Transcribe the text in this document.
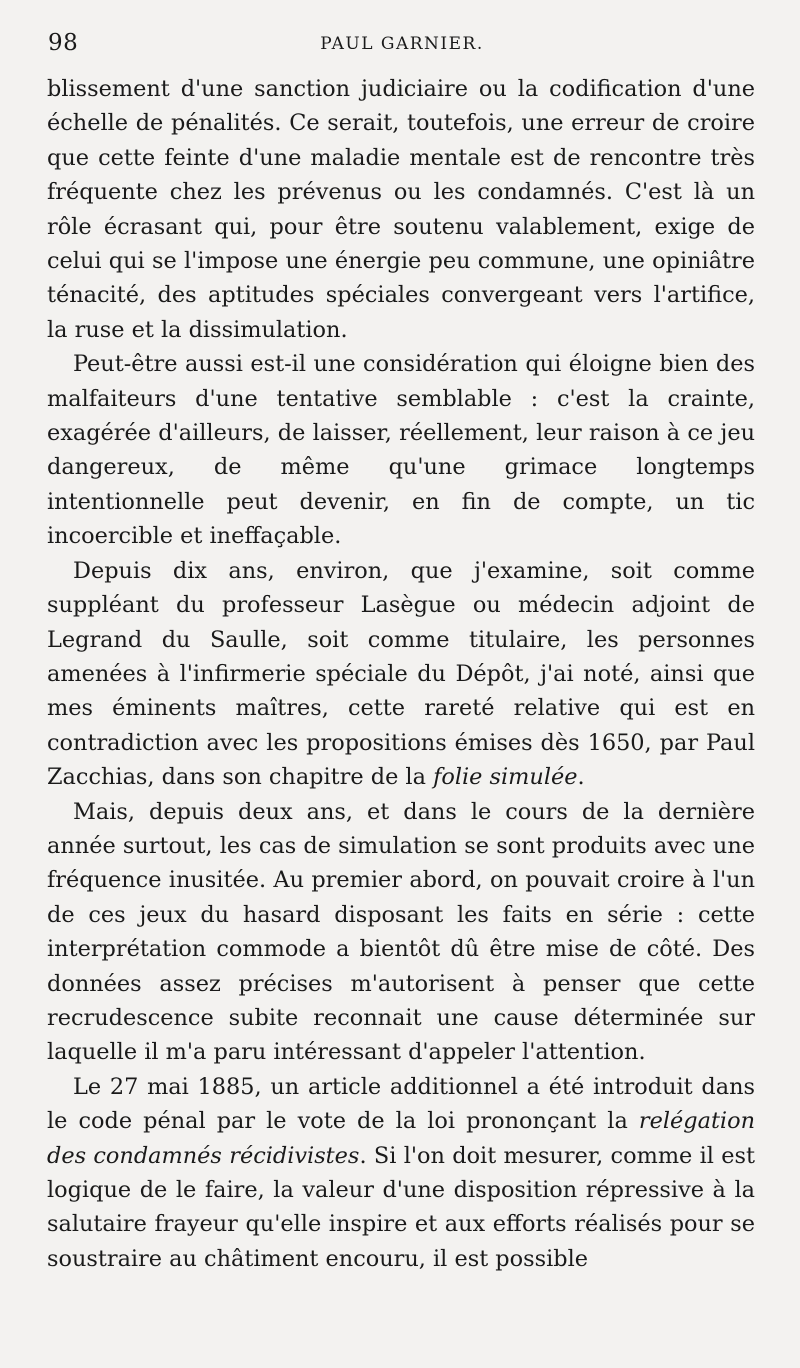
98	PAUL GARNIER.

blissement d'une sanction judiciaire ou la codification d'une échelle de pénalités. Ce serait, toutefois, une erreur de croire que cette feinte d'une maladie mentale est de rencontre très fréquente chez les prévenus ou les condamnés. C'est là un rôle écrasant qui, pour être soutenu valablement, exige de celui qui se l'impose une énergie peu commune, une opiniâtre ténacité, des aptitudes spéciales convergeant vers l'artifice, la ruse et la dissimulation.

Peut-être aussi est-il une considération qui éloigne bien des malfaiteurs d'une tentative semblable : c'est la crainte, exagérée d'ailleurs, de laisser, réellement, leur raison à ce jeu dangereux, de même qu'une grimace longtemps intentionnelle peut devenir, en fin de compte, un tic incoercible et ineffaçable.

Depuis dix ans, environ, que j'examine, soit comme suppléant du professeur Lasègue ou médecin adjoint de Legrand du Saulle, soit comme titulaire, les personnes amenées à l'infirmerie spéciale du Dépôt, j'ai noté, ainsi que mes éminents maîtres, cette rareté relative qui est en contradiction avec les propositions émises dès 1650, par Paul Zacchias, dans son chapitre de la folie simulée.

Mais, depuis deux ans, et dans le cours de la dernière année surtout, les cas de simulation se sont produits avec une fréquence inusitée. Au premier abord, on pouvait croire à l'un de ces jeux du hasard disposant les faits en série : cette interprétation commode a bientôt dû être mise de côté. Des données assez précises m'autorisent à penser que cette recrudescence subite reconnait une cause déterminée sur laquelle il m'a paru intéressant d'appeler l'attention.

Le 27 mai 1885, un article additionnel a été introduit dans le code pénal par le vote de la loi prononçant la relégation des condamnés récidivistes. Si l'on doit mesurer, comme il est logique de le faire, la valeur d'une disposition répressive à la salutaire frayeur qu'elle inspire et aux efforts réalisés pour se soustraire au châtiment encouru, il est possible
